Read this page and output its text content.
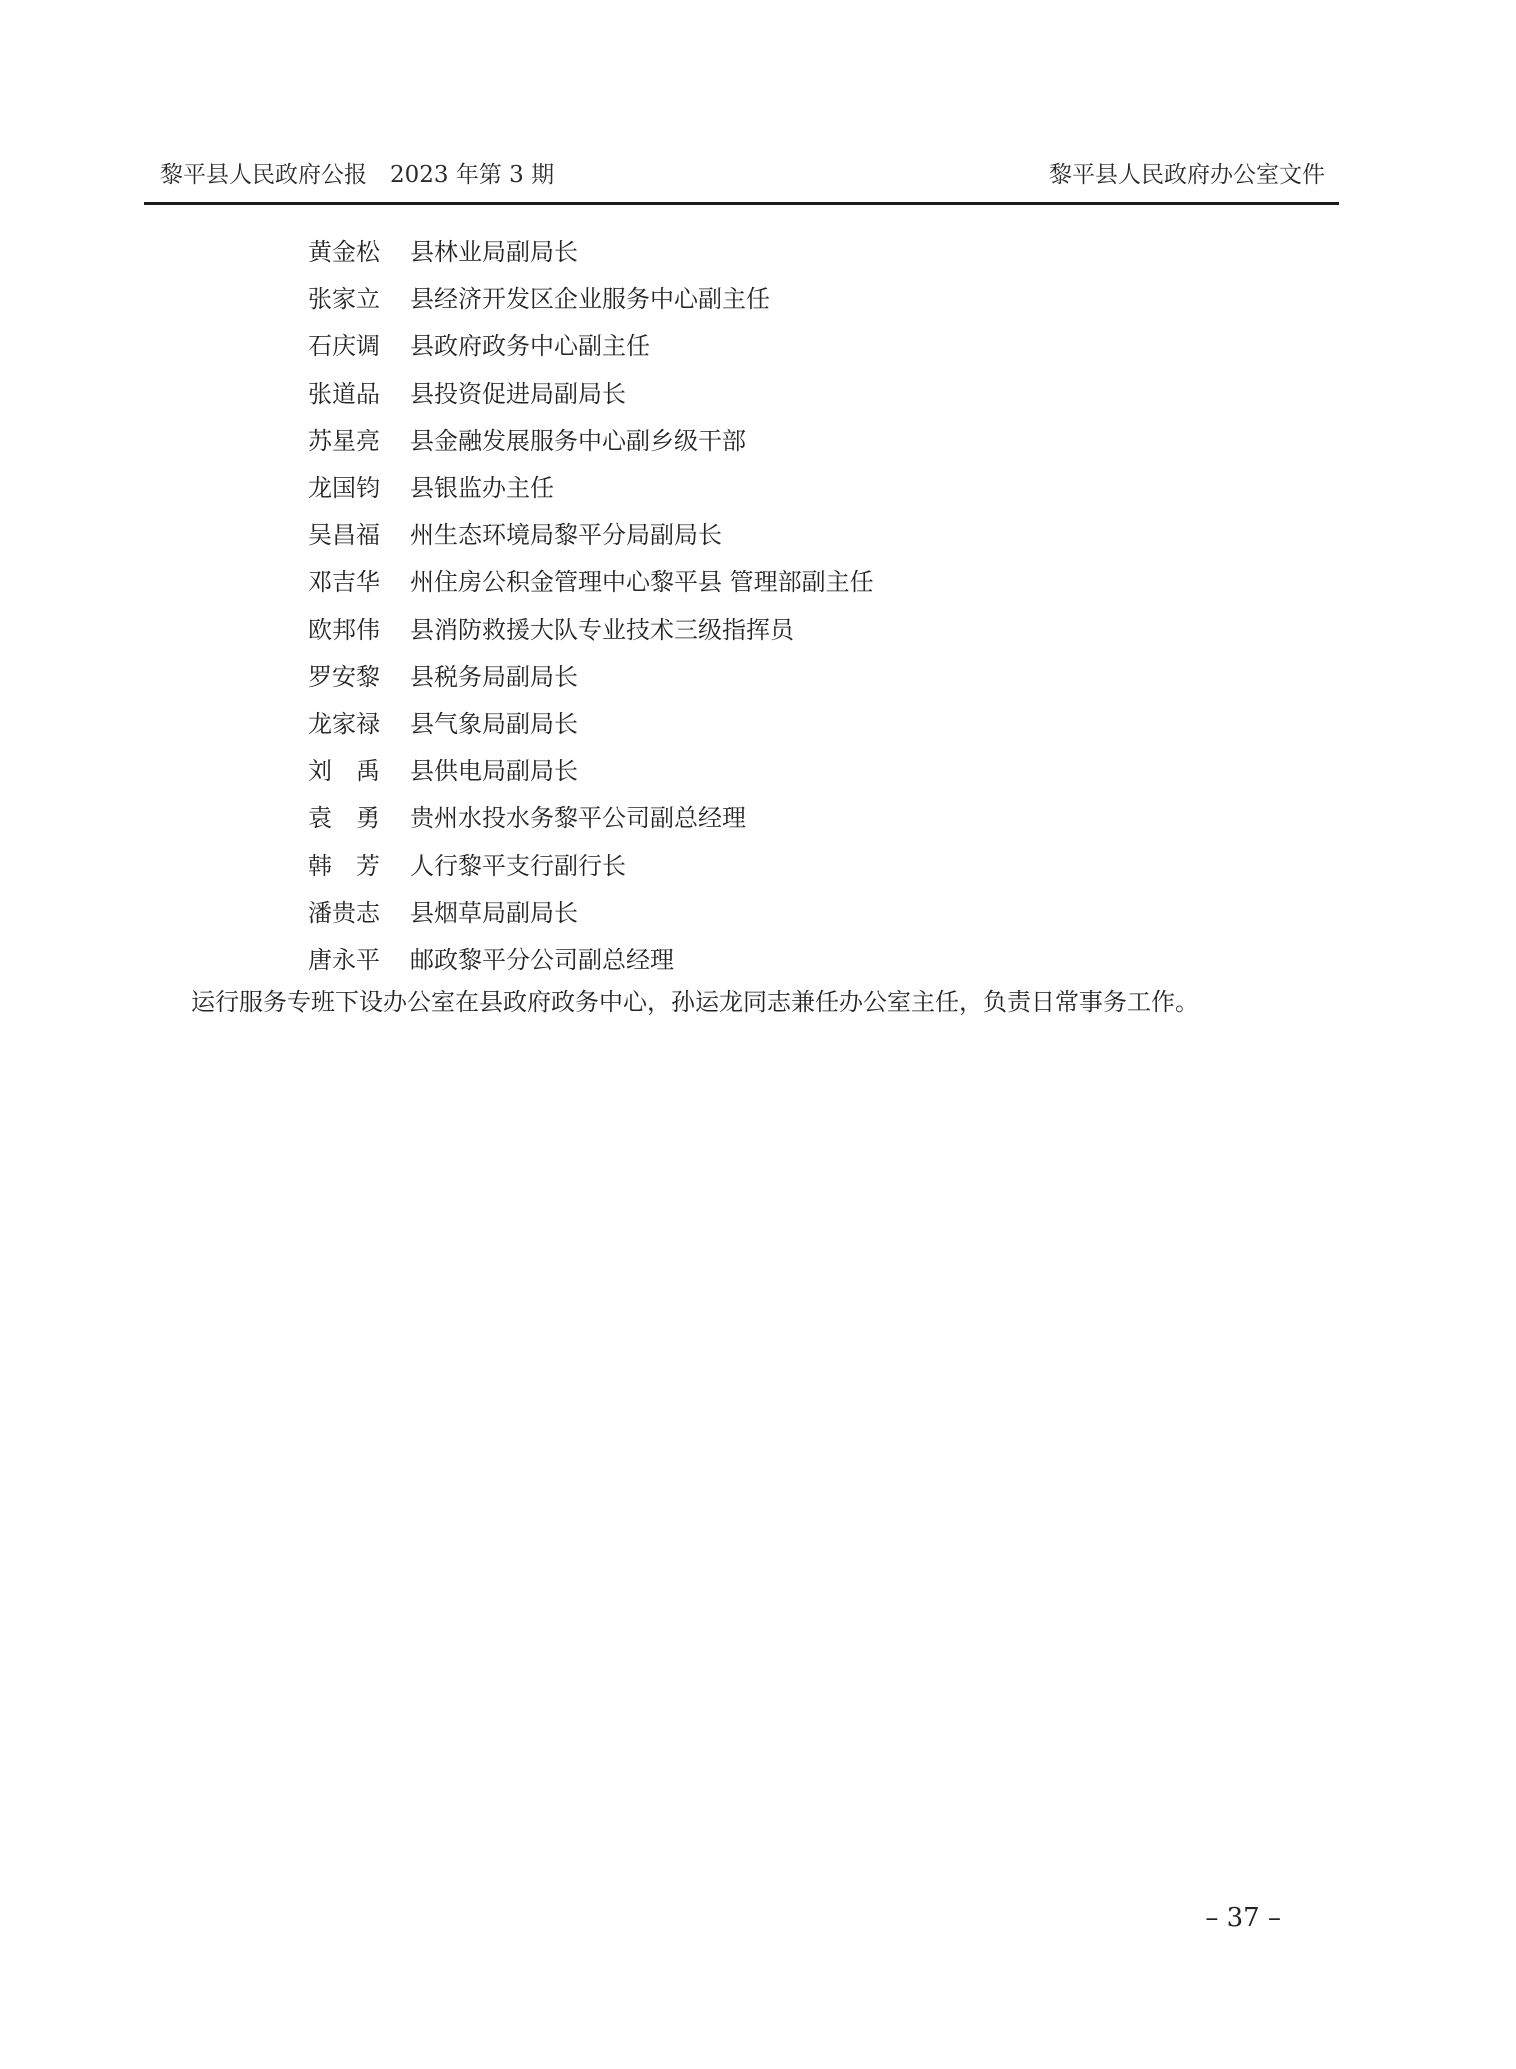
黎平县人民政府公报　2023 年第 3 期	黎平县人民政府办公室文件
黄金松	县林业局副局长
张家立	县经济开发区企业服务中心副主任
石庆调	县政府政务中心副主任
张道品	县投资促进局副局长
苏星亮	县金融发展服务中心副乡级干部
龙国钧	县银监办主任
吴昌福	州生态环境局黎平分局副局长
邓吉华	州住房公积金管理中心黎平县 管理部副主任
欧邦伟	县消防救援大队专业技术三级指挥员
罗安黎	县税务局副局长
龙家禄	县气象局副局长
刘　禹	县供电局副局长
袁　勇	贵州水投水务黎平公司副总经理
韩　芳	人行黎平支行副行长
潘贵志	县烟草局副局长
唐永平	邮政黎平分公司副总经理
运行服务专班下设办公室在县政府政务中心，孙运龙同志兼任办公室主任，负责日常事务工作。
– 37 –
